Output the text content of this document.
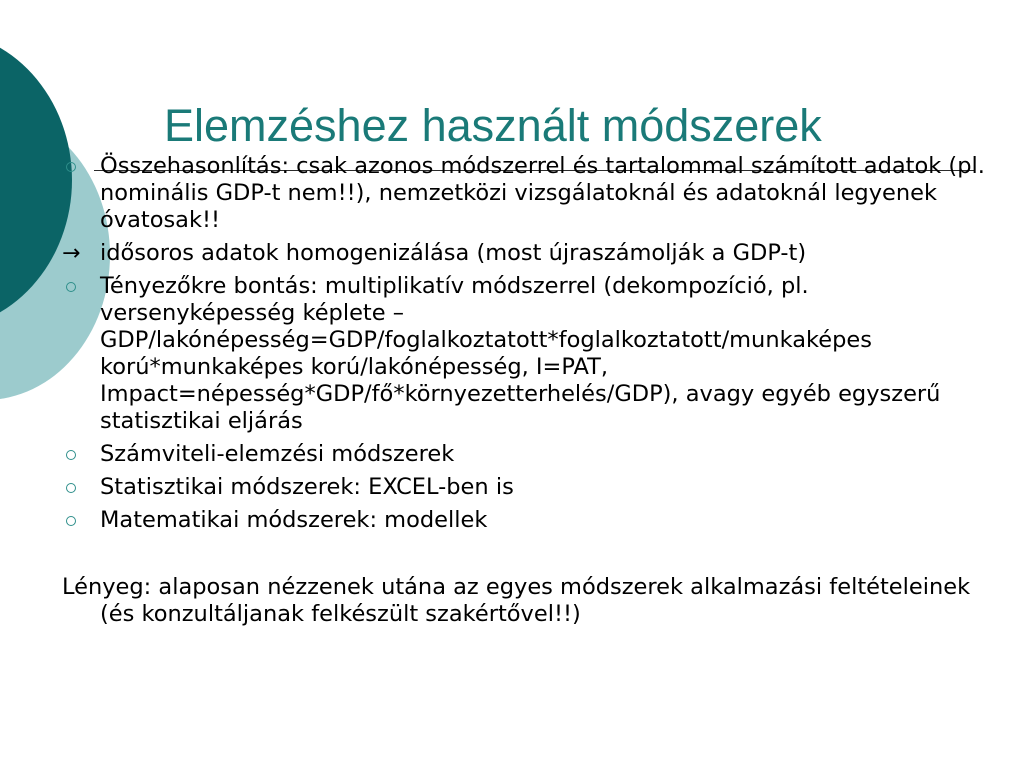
Elemzéshez használt módszerek
Összehasonlítás: csak azonos módszerrel és tartalommal számított adatok (pl. nominális GDP-t nem!!), nemzetközi vizsgálatoknál és adatoknál legyenek óvatosak!!
→ idősoros adatok homogenizálása (most újraszámolják a GDP-t)
Tényezőkre bontás: multiplikatív módszerrel (dekompozíció, pl. versenyképesség képlete – GDP/lakónépesség=GDP/foglalkoztatott*foglalkoztatott/munkaképes korú*munkaképes korú/lakónépesség, I=PAT, Impact=népesség*GDP/fő*környezetterhelés/GDP), avagy egyéb egyszerű statisztikai eljárás
Számviteli-elemzési módszerek
Statisztikai módszerek: EXCEL-ben is
Matematikai módszerek: modellek

Lényeg: alaposan nézzenek utána az egyes módszerek alkalmazási feltételeinek (és konzultáljanak felkészült szakértővel!!)
